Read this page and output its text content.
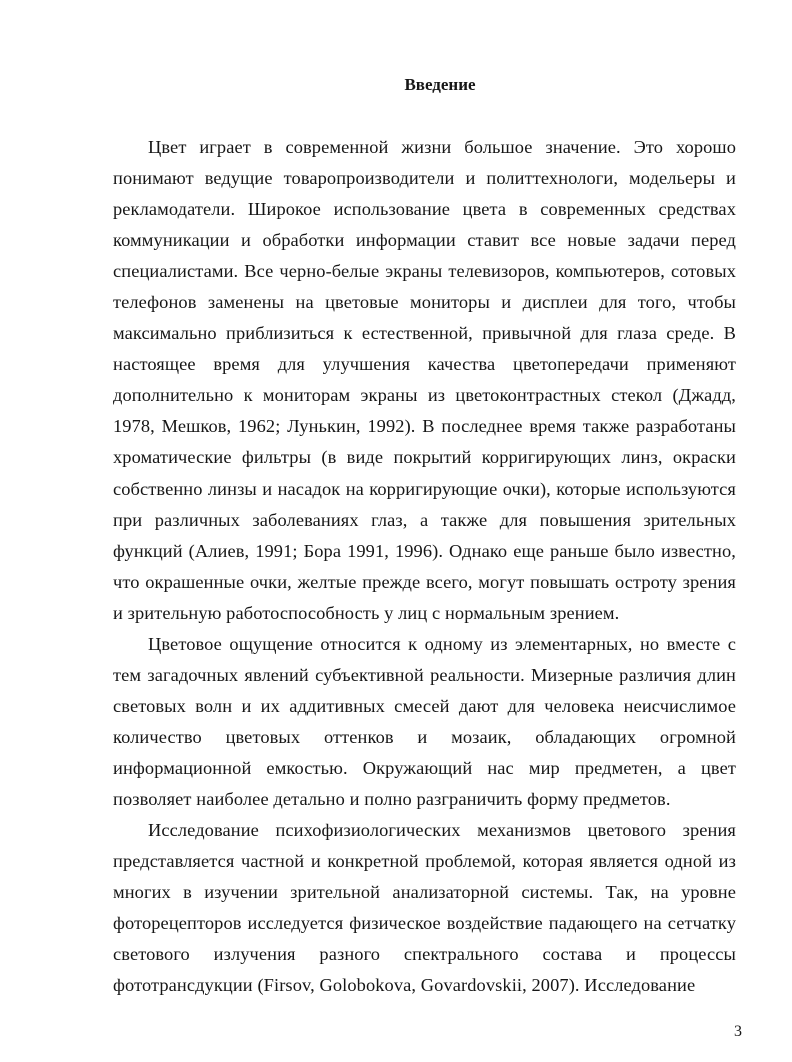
Введение

Цвет играет в современной жизни большое значение. Это хорошо понимают ведущие товаропроизводители и политтехнологи, модельеры и рекламодатели. Широкое использование цвета в современных средствах коммуникации и обработки информации ставит все новые задачи перед специалистами. Все черно-белые экраны телевизоров, компьютеров, сотовых телефонов заменены на цветовые мониторы и дисплеи для того, чтобы максимально приблизиться к естественной, привычной для глаза среде. В настоящее время для улучшения качества цветопередачи применяют дополнительно к мониторам экраны из цветоконтрастных стекол (Джадд, 1978, Мешков, 1962; Лунькин, 1992). В последнее время также разработаны хроматические фильтры (в виде покрытий корригирующих линз, окраски собственно линзы и насадок на корригирующие очки), которые используются при различных заболеваниях глаз, а также для повышения зрительных функций (Алиев, 1991; Бора 1991, 1996). Однако еще раньше было известно, что окрашенные очки, желтые прежде всего, могут повышать остроту зрения и зрительную работоспособность у лиц с нормальным зрением.

Цветовое ощущение относится к одному из элементарных, но вместе с тем загадочных явлений субъективной реальности. Мизерные различия длин световых волн и их аддитивных смесей дают для человека неисчислимое количество цветовых оттенков и мозаик, обладающих огромной информационной емкостью. Окружающий нас мир предметен, а цвет позволяет наиболее детально и полно разграничить форму предметов.

Исследование психофизиологических механизмов цветового зрения представляется частной и конкретной проблемой, которая является одной из многих в изучении зрительной анализаторной системы. Так, на уровне фоторецепторов исследуется физическое воздействие падающего на сетчатку светового излучения разного спектрального состава и процессы фототрансдукции (Firsov, Golobokova, Govardovskii, 2007). Исследование

3
